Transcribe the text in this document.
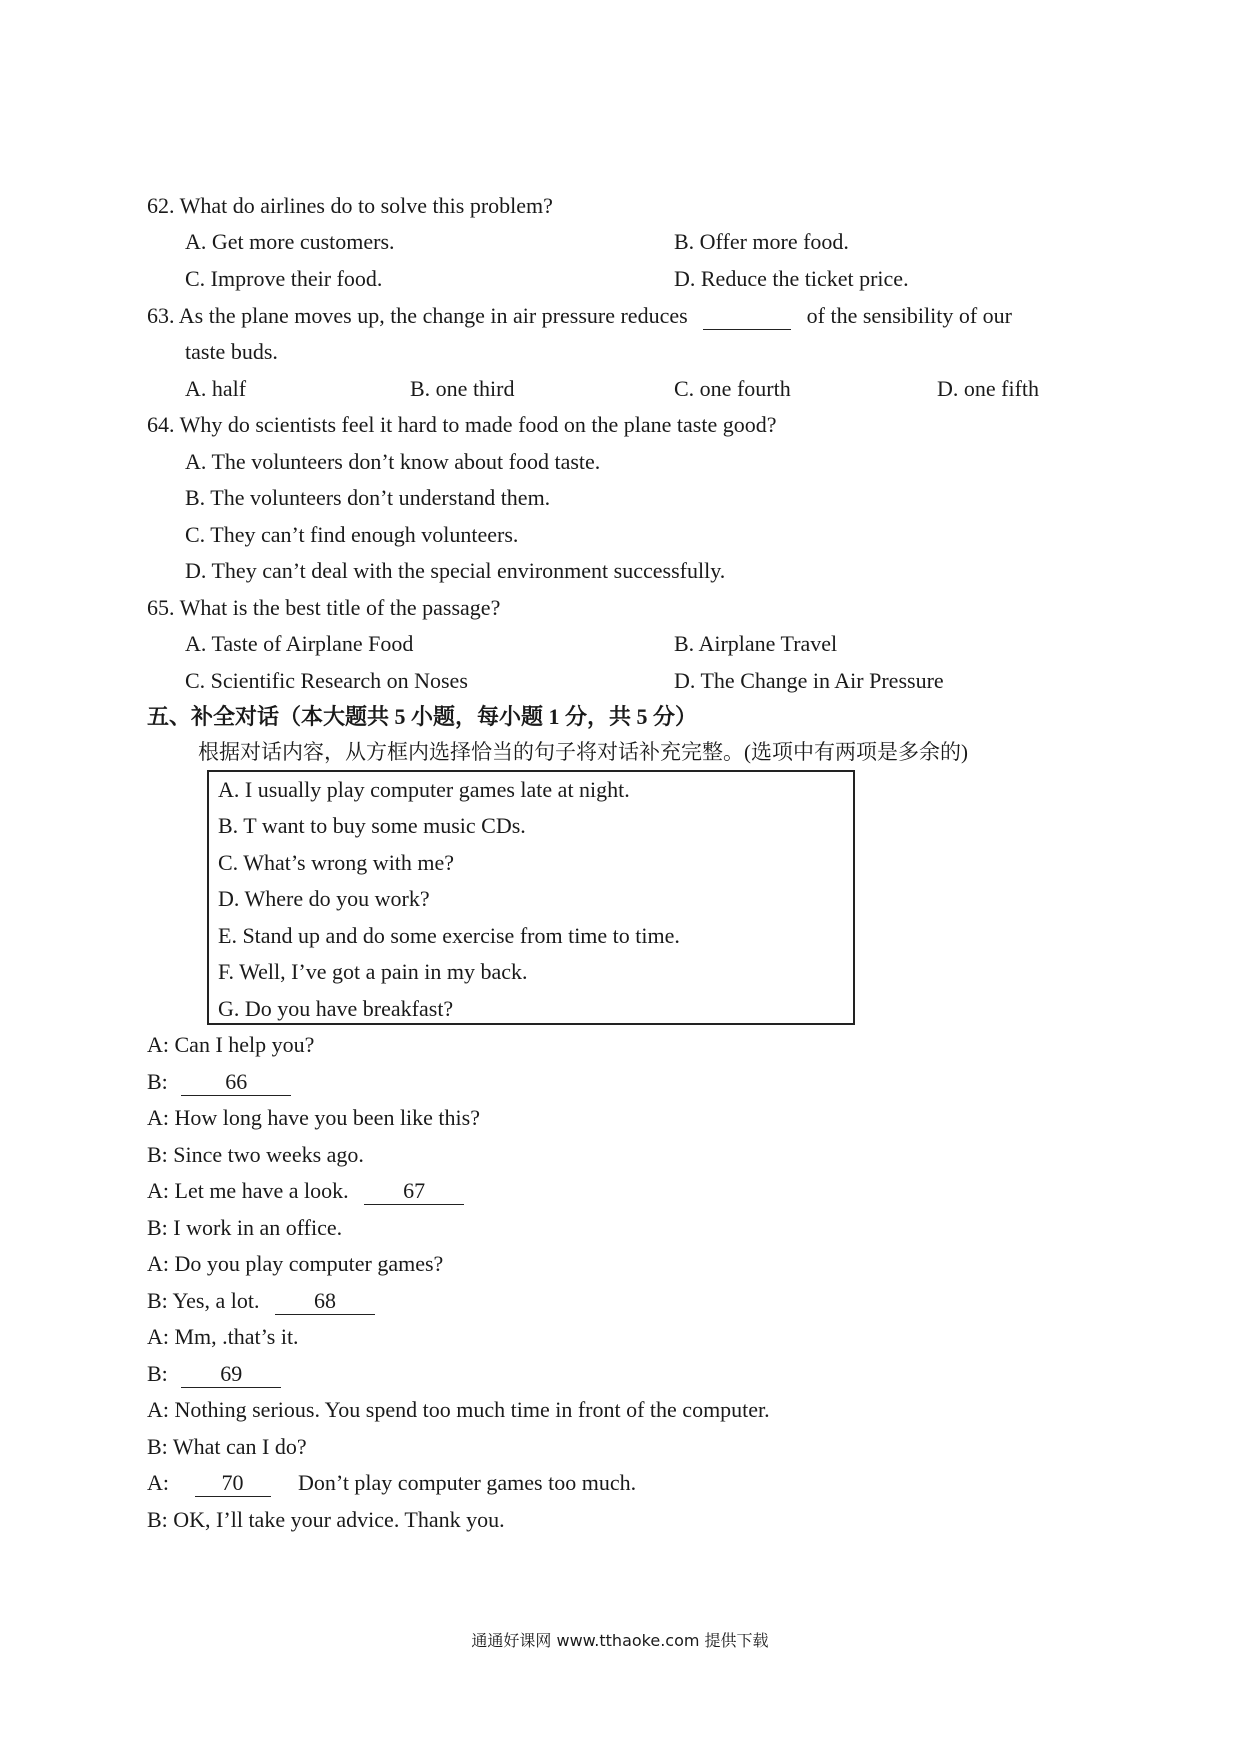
62. What do airlines do to solve this problem?
A. Get more customers.	B. Offer more food.
C. Improve their food.	D. Reduce the ticket price.
63. As the plane moves up, the change in air pressure reduces	of the sensibility of our
taste buds.
A. half	B. one third	C. one fourth	D. one fifth
64. Why do scientists feel it hard to made food on the plane taste good?
A. The volunteers don’t know about food taste.
B. The volunteers don’t understand them.
C. They can’t find enough volunteers.
D. They can’t deal with the special environment successfully.
65. What is the best title of the passage?
A. Taste of Airplane Food	B. Airplane Travel
C. Scientific Research on Noses	D. The Change in Air Pressure
五、补全对话（本大题共 5 小题，每小题 1 分，共 5 分）
根据对话内容，从方框内选择恰当的句子将对话补充完整。(选项中有两项是多余的)
A. I usually play computer games late at night.
B. T want to buy some music CDs.
C. What’s wrong with me?
D. Where do you work?
E. Stand up and do some exercise from time to time.
F. Well, I’ve got a pain in my back.
G. Do you have breakfast?
A: Can I help you?
B:	66
A: How long have you been like this?
B: Since two weeks ago.
A: Let me have a look. 67
B: I work in an office.
A: Do you play computer games?
B: Yes, a lot. 68
A: Mm, .that’s it.
B: 69
A: Nothing serious. You spend too much time in front of the computer.
B: What can I do?
A: 70 Don’t play computer games too much.
B: OK, I’ll take your advice. Thank you.
通通好课网 www.tthaoke.com 提供下载
